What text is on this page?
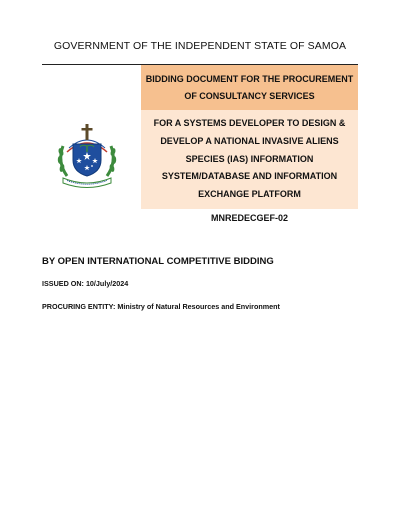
GOVERNMENT OF THE INDEPENDENT STATE OF SAMOA
BIDDING DOCUMENT FOR THE PROCUREMENT
OF CONSULTANCY SERVICES
FOR A SYSTEMS DEVELOPER TO DESIGN &
DEVELOP A NATIONAL INVASIVE ALIENS
SPECIES (IAS) INFORMATION
SYSTEM/DATABASE AND INFORMATION
EXCHANGE PLATFORM
MNREDECGEF-02
BY OPEN INTERNATIONAL COMPETITIVE BIDDING
ISSUED ON: 10/July/2024
PROCURING ENTITY: Ministry of Natural Resources and Environment
